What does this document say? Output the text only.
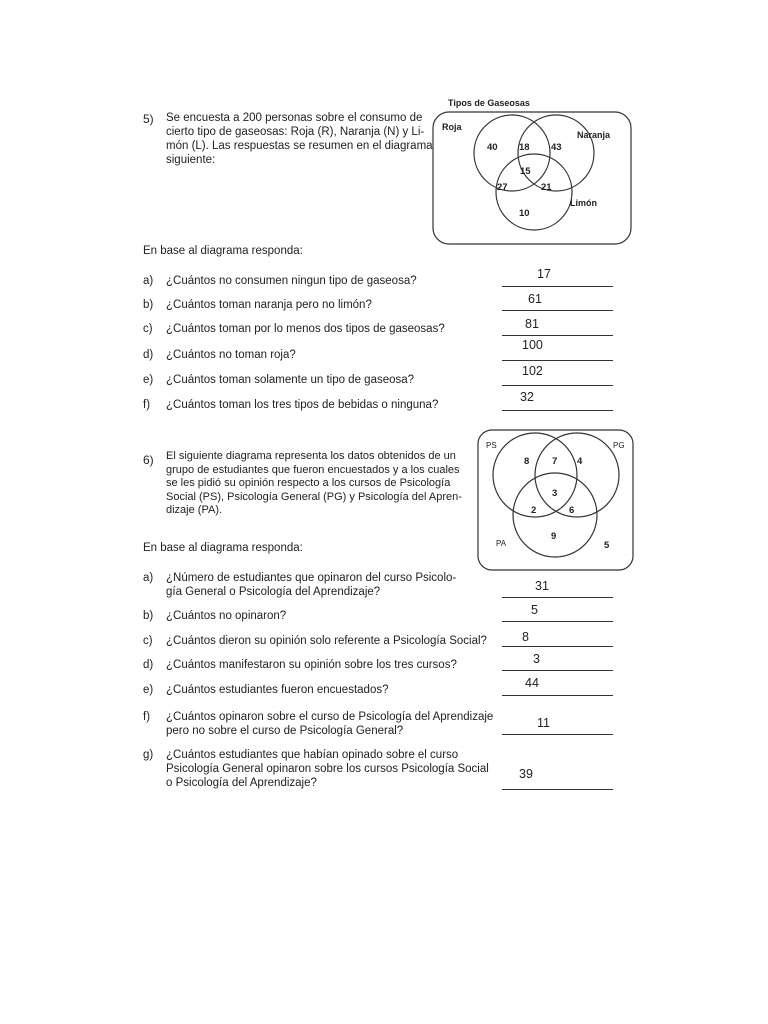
5) Se encuesta a 200 personas sobre el consumo de
cierto tipo de gaseosas: Roja (R), Naranja (N) y Li-
món (L). Las respuestas se resumen en el diagrama
siguiente:
Tipos de Gaseosas
Roja
Naranja
Limón
40 18 43
15
27	21
10
En base al diagrama responda:
a) ¿Cuántos no consumen ningun tipo de gaseosa?	17
b) ¿Cuántos toman naranja pero no limón?	61
c) ¿Cuántos toman por lo menos dos tipos de gaseosas?	81
d) ¿Cuántos no toman roja?
100
e) ¿Cuántos toman solamente un tipo de gaseosa?
102
f) ¿Cuántos toman los tres tipos de bebidas o ninguna?
32
6) El siguiente diagrama representa los datos obtenidos de un
grupo de estudiantes que fueron encuestados y a los cuales
se les pidió su opinión respecto a los cursos de Psicología
Social (PS), Psicología General (PG) y Psicología del Apren-
dizaje (PA).
PS	PG
PA
8 7 4
3
2	6
9
5
En base al diagrama responda:
a) ¿Número de estudiantes que opinaron del curso Psicolo-
gía General o Psicología del Aprendizaje?	31
b) ¿Cuántos no opinaron?	5
c) ¿Cuántos dieron su opinión solo referente a Psicología Social?	8
d) ¿Cuántos manifestaron su opinión sobre los tres cursos?	3
e) ¿Cuántos estudiantes fueron encuestados?	44
f) ¿Cuántos opinaron sobre el curso de Psicología del Aprendizaje
pero no sobre el curso de Psicología General?
11
g) ¿Cuántos estudiantes que habían opinado sobre el curso
Psicología General opinaron sobre los cursos Psicología Social
o Psicología del Aprendizaje?
39
